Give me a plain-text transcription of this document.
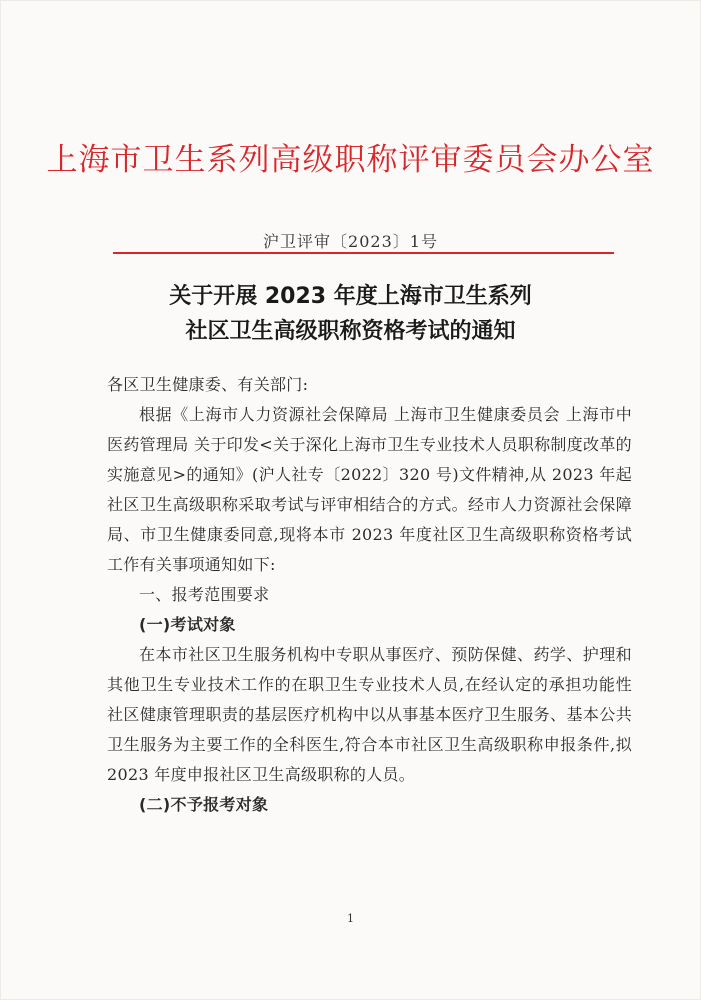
上海市卫生系列高级职称评审委员会办公室
沪卫评审〔2023〕1号
关于开展 2023 年度上海市卫生系列
社区卫生高级职称资格考试的通知

各区卫生健康委、有关部门:

根据《上海市人力资源社会保障局 上海市卫生健康委员会 上海市中医药管理局 关于印发<关于深化上海市卫生专业技术人员职称制度改革的实施意见>的通知》(沪人社专〔2022〕320 号)文件精神,从 2023 年起社区卫生高级职称采取考试与评审相结合的方式。经市人力资源社会保障局、市卫生健康委同意,现将本市 2023 年度社区卫生高级职称资格考试工作有关事项通知如下:

一、报考范围要求

(一)考试对象

在本市社区卫生服务机构中专职从事医疗、预防保健、药学、护理和其他卫生专业技术工作的在职卫生专业技术人员,在经认定的承担功能性社区健康管理职责的基层医疗机构中以从事基本医疗卫生服务、基本公共卫生服务为主要工作的全科医生,符合本市社区卫生高级职称申报条件,拟 2023 年度申报社区卫生高级职称的人员。

(二)不予报考对象

1
